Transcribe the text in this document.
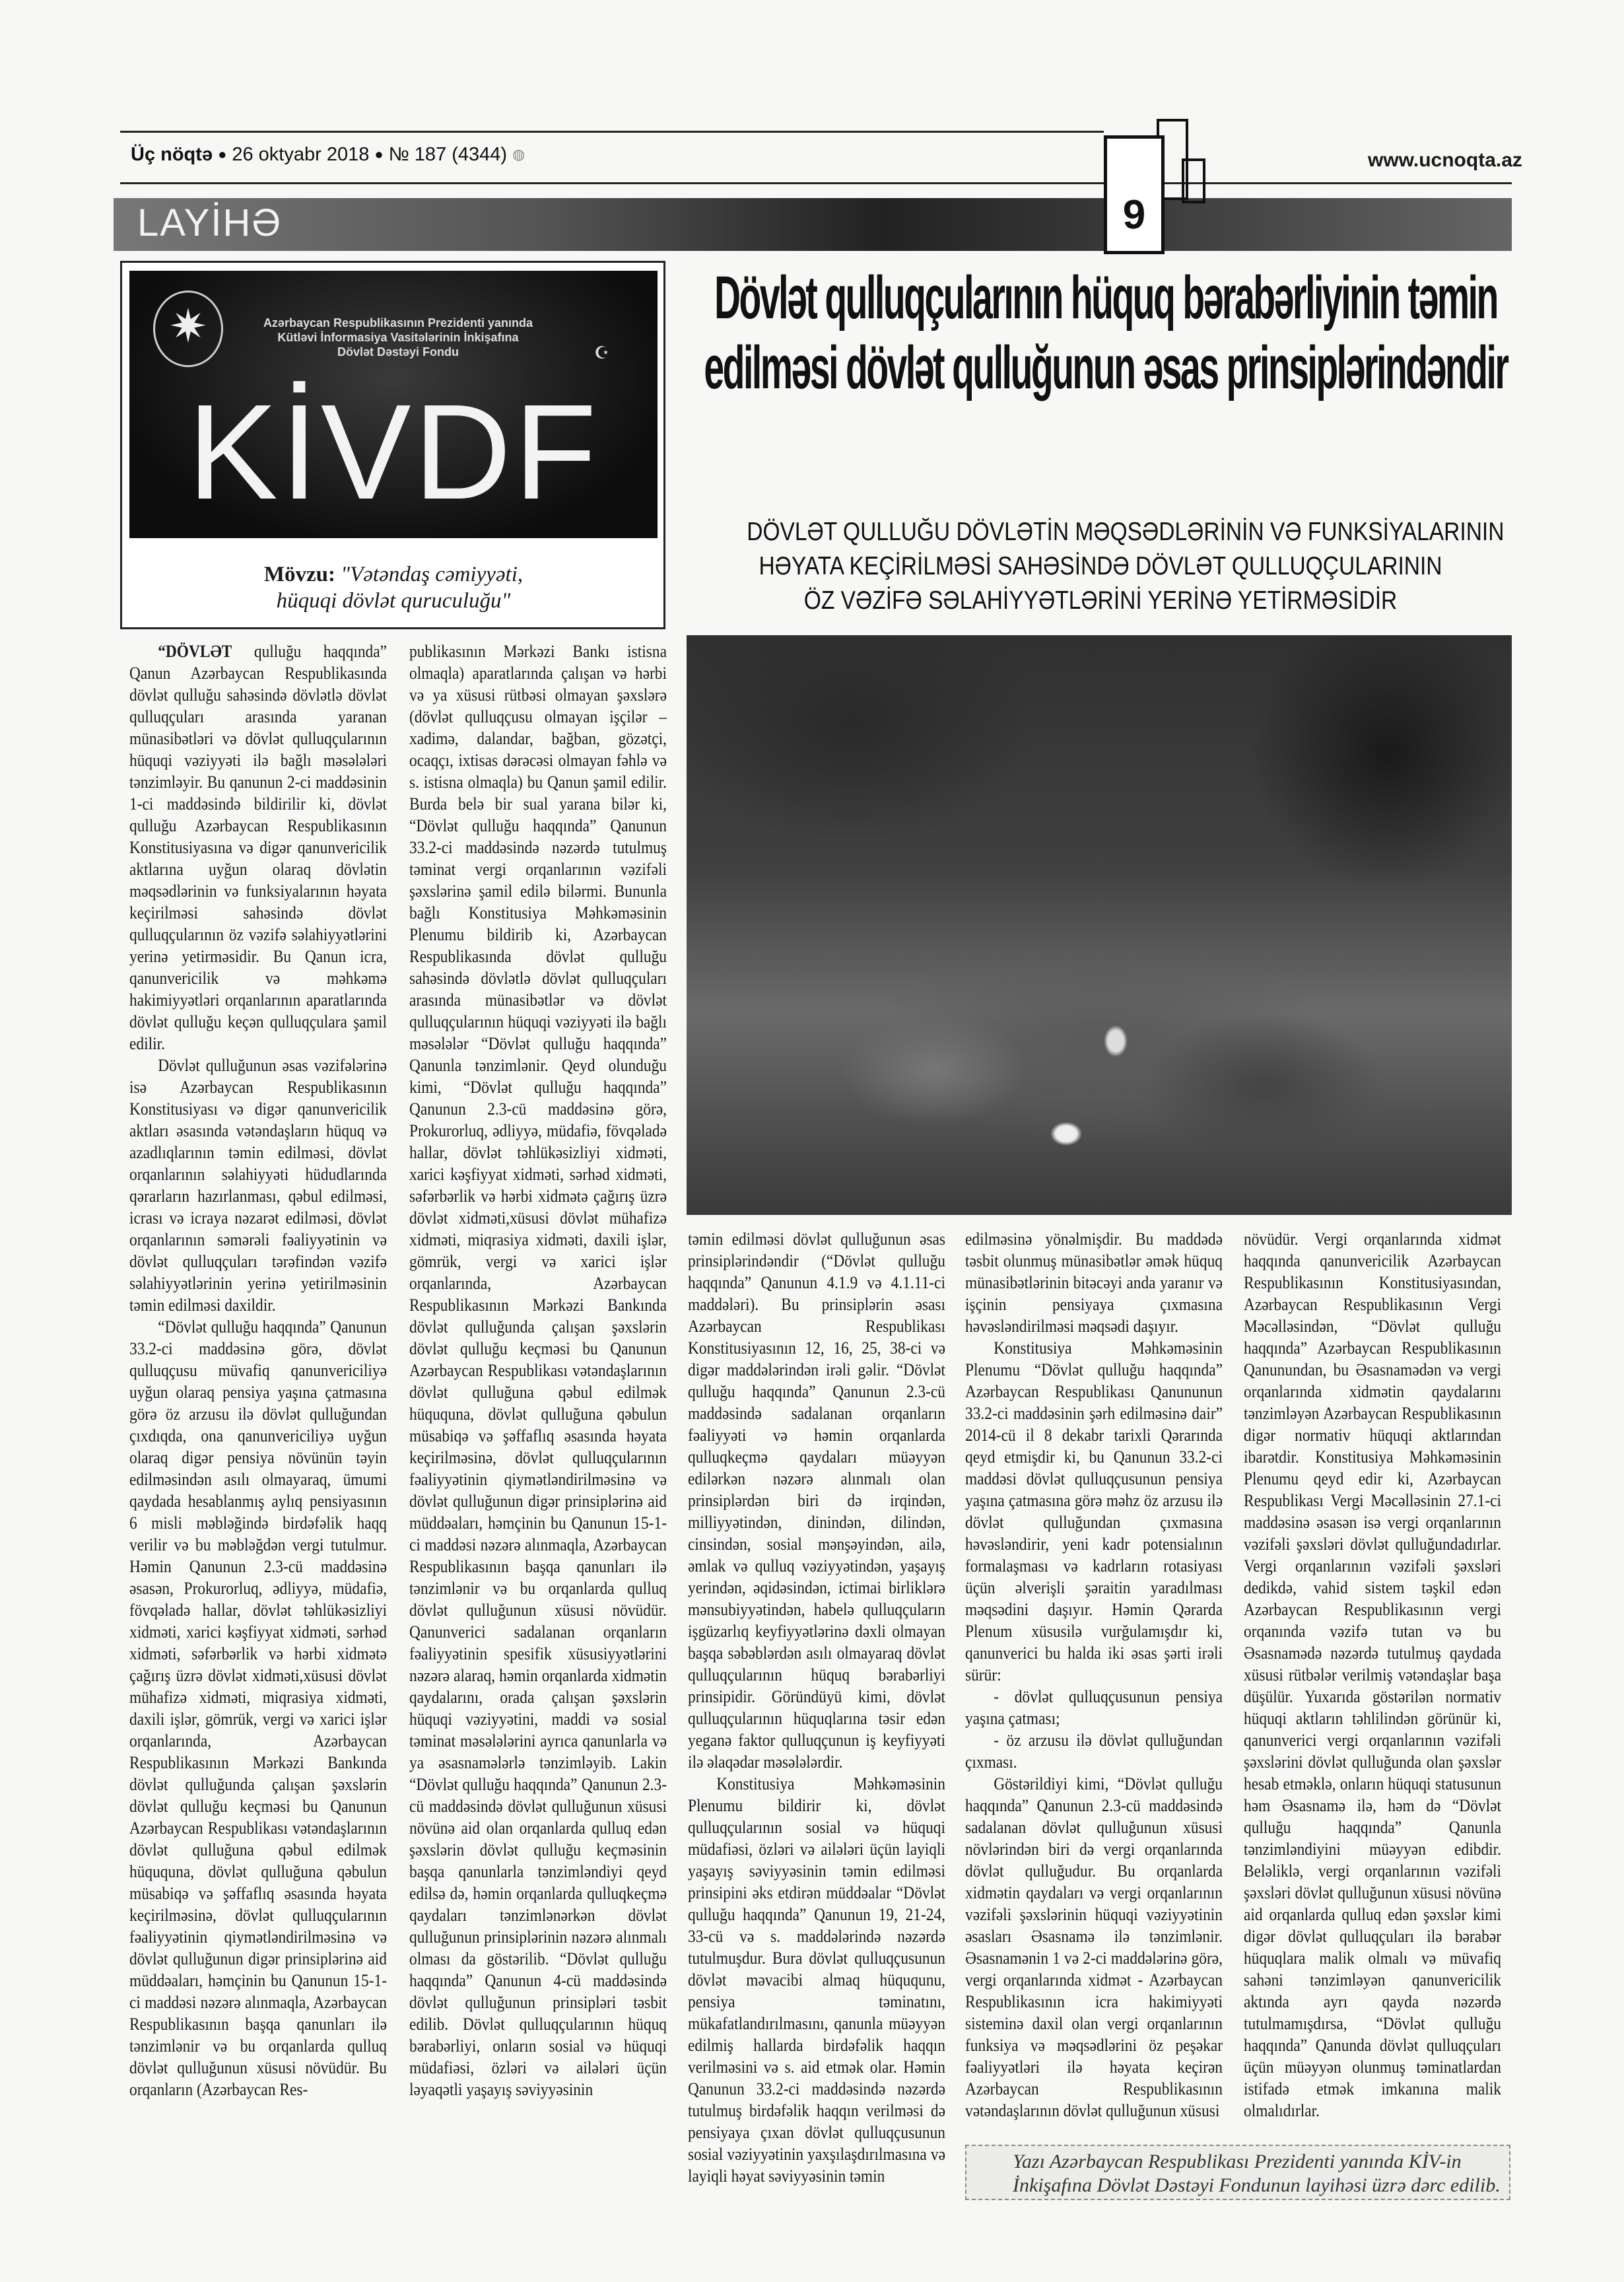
Üç nöqtə ● 26 oktyabr 2018 ● № 187 (4344) ◍	www.ucnoqta.az
LAYİHƏ	9
✷	Azərbaycan Respublikasının Prezidenti yanında
Kütləvi İnformasiya Vasitələrinin İnkişafına
Dövlət Dəstəyi Fondu	☪
KİVDF
Mövzu: "Vətəndaş cəmiyyəti,
hüquqi dövlət quruculuğu"
Dövlət qulluqçularının hüquq bərabərliyinin təmin edilməsi dövlət qulluğunun əsas prinsiplərindəndir
DÖVLƏT QULLUĞU DÖVLƏTİN MƏQSƏDLƏRİNİN VƏ FUNKSİYALARININ
HƏYATA KEÇİRİLMƏSİ SAHƏSİNDƏ DÖVLƏT QULLUQÇULARININ
ÖZ VƏZİFƏ SƏLAHİYYƏTLƏRİNİ YERİNƏ YETİRMƏSİDİR

“DÖVLƏT qulluğu haqqında” Qanun Azərbaycan Respublikasında dövlət qulluğu sahəsində dövlətlə dövlət qulluqçuları arasında yaranan münasibətləri və dövlət qulluqçularının hüquqi vəziyyəti ilə bağlı məsələləri tənzimləyir. Bu qanunun 2-ci maddəsinin 1-ci maddəsində bildirilir ki, dövlət qulluğu Azərbaycan Respublikasının Konstitusiyasına və digər qanunvericilik aktlarına uyğun olaraq dövlətin məqsədlərinin və funksiyalarının həyata keçirilməsi sahəsində dövlət qulluqçularının öz vəzifə səlahiyyətlərini yerinə yetirməsidir. Bu Qanun icra, qanunvericilik və məhkəmə hakimiyyətləri orqanlarının aparatlarında dövlət qulluğu keçən qulluqçulara şamil edilir.

Dövlət qulluğunun əsas vəzifələrinə isə Azərbaycan Respublikasının Konstitusiyası və digər qanunvericilik aktları əsasında vətəndaşların hüquq və azadlıqlarının təmin edilməsi, dövlət orqanlarının səlahiyyəti hüdudlarında qərarların hazırlanması, qəbul edilməsi, icrası və icraya nəzarət edilməsi, dövlət orqanlarının səmərəli fəaliyyətinin və dövlət qulluqçuları tərəfindən vəzifə səlahiyyətlərinin yerinə yetirilməsinin təmin edilməsi daxildir.

“Dövlət qulluğu haqqında” Qanunun 33.2-ci maddəsinə görə, dövlət qulluqçusu müvafiq qanunvericiliyə uyğun olaraq pensiya yaşına çatmasına görə öz arzusu ilə dövlət qulluğundan çıxdıqda, ona qanunvericiliyə uyğun olaraq digər pensiya növünün təyin edilməsindən asılı olmayaraq, ümumi qaydada hesablanmış aylıq pensiyasının 6 misli məbləğində birdəfəlik haqq verilir və bu məbləğdən vergi tutulmur. Həmin Qanunun 2.3-cü maddəsinə əsasən, Prokurorluq, ədliyyə, müdafiə, fövqəladə hallar, dövlət təhlükəsizliyi xidməti, xarici kəşfiyyat xidməti, sərhəd xidməti, səfərbərlik və hərbi xidmətə çağırış üzrə dövlət xidməti,xüsusi dövlət mühafizə xidməti, miqrasiya xidməti, daxili işlər, gömrük, vergi və xarici işlər orqanlarında, Azərbaycan Respublikasının Mərkəzi Bankında dövlət qulluğunda çalışan şəxslərin dövlət qulluğu keçməsi bu Qanunun Azərbaycan Respublikası vətəndaşlarının dövlət qulluğuna qəbul edilmək hüququna, dövlət qulluğuna qəbulun müsabiqə və şəffaflıq əsasında həyata keçirilməsinə, dövlət qulluqçularının fəaliyyətinin qiymətləndirilməsinə və dövlət qulluğunun digər prinsiplərinə aid müddəaları, həmçinin bu Qanunun 15-1-ci maddəsi nəzərə alınmaqla, Azərbaycan Respublikasının başqa qanunları ilə tənzimlənir və bu orqanlarda qulluq dövlət qulluğunun xüsusi növüdür. Bu orqanların (Azərbaycan Res-

publikasının Mərkəzi Bankı istisna olmaqla) aparatlarında çalışan və hərbi və ya xüsusi rütbəsi olmayan şəxslərə (dövlət qulluqçusu olmayan işçilər – xadimə, dalandar, bağban, gözətçi, ocaqçı, ixtisas dərəcəsi olmayan fəhlə və s. istisna olmaqla) bu Qanun şamil edilir. Burda belə bir sual yarana bilər ki, “Dövlət qulluğu haqqında” Qanunun 33.2-ci maddəsində nəzərdə tutulmuş təminat vergi orqanlarının vəzifəli şəxslərinə şamil edilə bilərmi. Bununla bağlı Konstitusiya Məhkəməsinin Plenumu bildirib ki, Azərbaycan Respublikasında dövlət qulluğu sahəsində dövlətlə dövlət qulluqçuları arasında münasibətlər və dövlət qulluqçularının hüquqi vəziyyəti ilə bağlı məsələlər “Dövlət qulluğu haqqında” Qanunla tənzimlənir. Qeyd olunduğu kimi, “Dövlət qulluğu haqqında” Qanunun 2.3-cü maddəsinə görə, Prokurorluq, ədliyyə, müdafiə, fövqəladə hallar, dövlət təhlükəsizliyi xidməti, xarici kəşfiyyat xidməti, sərhəd xidməti, səfərbərlik və hərbi xidmətə çağırış üzrə dövlət xidməti,xüsusi dövlət mühafizə xidməti, miqrasiya xidməti, daxili işlər, gömrük, vergi və xarici işlər orqanlarında, Azərbaycan Respublikasının Mərkəzi Bankında dövlət qulluğunda çalışan şəxslərin dövlət qulluğu keçməsi bu Qanunun Azərbaycan Respublikası vətəndaşlarının dövlət qulluğuna qəbul edilmək hüququna, dövlət qulluğuna qəbulun müsabiqə və şəffaflıq əsasında həyata keçirilməsinə, dövlət qulluqçularının fəaliyyətinin qiymətləndirilməsinə və dövlət qulluğunun digər prinsiplərinə aid müddəaları, həmçinin bu Qanunun 15-1-ci maddəsi nəzərə alınmaqla, Azərbaycan Respublikasının başqa qanunları ilə tənzimlənir və bu orqanlarda qulluq dövlət qulluğunun xüsusi növüdür. Qanunverici sadalanan orqanların fəaliyyətinin spesifik xüsusiyyətlərini nəzərə alaraq, həmin orqanlarda xidmətin qaydalarını, orada çalışan şəxslərin hüquqi vəziyyətini, maddi və sosial təminat məsələlərini ayrıca qanunlarla və ya əsasnamələrlə tənzimləyib. Lakin “Dövlət qulluğu haqqında” Qanunun 2.3-cü maddəsində dövlət qulluğunun xüsusi növünə aid olan orqanlarda qulluq edən şəxslərin dövlət qulluğu keçməsinin başqa qanunlarla tənzimləndiyi qeyd edilsə də, həmin orqanlarda qulluqkeçmə qaydaları tənzimlənərkən dövlət qulluğunun prinsiplərinin nəzərə alınmalı olması da göstərilib. “Dövlət qulluğu haqqında” Qanunun 4-cü maddəsində dövlət qulluğunun prinsipləri təsbit edilib. Dövlət qulluqçularının hüquq bərabərliyi, onların sosial və hüquqi müdafiəsi, özləri və ailələri üçün ləyaqətli yaşayış səviyyəsinin

təmin edilməsi dövlət qulluğunun əsas prinsiplərindəndir (“Dövlət qulluğu haqqında” Qanunun 4.1.9 və 4.1.11-ci maddələri). Bu prinsiplərin əsası Azərbaycan Respublikası Konstitusiyasının 12, 16, 25, 38-ci və digər maddələrindən irəli gəlir. “Dövlət qulluğu haqqında” Qanunun 2.3-cü maddəsində sadalanan orqanların fəaliyyəti və həmin orqanlarda qulluqkeçmə qaydaları müəyyən edilərkən nəzərə alınmalı olan prinsiplərdən biri də irqindən, milliyyətindən, dinindən, dilindən, cinsindən, sosial mənşəyindən, ailə, əmlak və qulluq vəziyyətindən, yaşayış yerindən, əqidəsindən, ictimai birliklərə mənsubiyyətindən, habelə qulluqçuların işgüzarlıq keyfiyyətlərinə dəxli olmayan başqa səbəblərdən asılı olmayaraq dövlət qulluqçularının hüquq bərabərliyi prinsipidir. Göründüyü kimi, dövlət qulluqçularının hüquqlarına təsir edən yeganə faktor qulluqçunun iş keyfiyyəti ilə əlaqədar məsələlərdir.

Konstitusiya Məhkəməsinin Plenumu bildirir ki, dövlət qulluqçularının sosial və hüquqi müdafiəsi, özləri və ailələri üçün layiqli yaşayış səviyyəsinin təmin edilməsi prinsipini əks etdirən müddəalar “Dövlət qulluğu haqqında” Qanunun 19, 21-24, 33-cü və s. maddələrində nəzərdə tutulmuşdur. Bura dövlət qulluqçusunun dövlət məvacibi almaq hüququnu, pensiya təminatını, mükafatlandırılmasını, qanunla müəyyən edilmiş hallarda birdəfəlik haqqın verilməsini və s. aid etmək olar. Həmin Qanunun 33.2-ci maddəsində nəzərdə tutulmuş birdəfəlik haqqın verilməsi də pensiyaya çıxan dövlət qulluqçusunun sosial vəziyyətinin yaxşılaşdırılmasına və layiqli həyat səviyyəsinin təmin

edilməsinə yönəlmişdir. Bu maddədə təsbit olunmuş münasibətlər əmək hüquq münasibətlərinin bitəcəyi anda yaranır və işçinin pensiyaya çıxmasına həvəsləndirilməsi məqsədi daşıyır.

Konstitusiya Məhkəməsinin Plenumu “Dövlət qulluğu haqqında” Azərbaycan Respublikası Qanununun 33.2-ci maddəsinin şərh edilməsinə dair” 2014-cü il 8 dekabr tarixli Qərarında qeyd etmişdir ki, bu Qanunun 33.2-ci maddəsi dövlət qulluqçusunun pensiya yaşına çatmasına görə məhz öz arzusu ilə dövlət qulluğundan çıxmasına həvəsləndirir, yeni kadr potensialının formalaşması və kadrların rotasiyası üçün əlverişli şəraitin yaradılması məqsədini daşıyır. Həmin Qərarda Plenum xüsusilə vurğulamışdır ki, qanunverici bu halda iki əsas şərti irəli sürür:

- dövlət qulluqçusunun pensiya yaşına çatması;

- öz arzusu ilə dövlət qulluğundan çıxması.

Göstərildiyi kimi, “Dövlət qulluğu haqqında” Qanunun 2.3-cü maddəsində sadalanan dövlət qulluğunun xüsusi növlərindən biri də vergi orqanlarında dövlət qulluğudur. Bu orqanlarda xidmətin qaydaları və vergi orqanlarının vəzifəli şəxslərinin hüquqi vəziyyətinin əsasları Əsasnamə ilə tənzimlənir. Əsasnamənin 1 və 2-ci maddələrinə görə, vergi orqanlarında xidmət - Azərbaycan Respublikasının icra hakimiyyəti sisteminə daxil olan vergi orqanlarının funksiya və məqsədlərini öz peşəkar fəaliyyətləri ilə həyata keçirən Azərbaycan Respublikasının vətəndaşlarının dövlət qulluğunun xüsusi

növüdür. Vergi orqanlarında xidmət haqqında qanunvericilik Azərbaycan Respublikasının Konstitusiyasından, Azərbaycan Respublikasının Vergi Məcəlləsindən, “Dövlət qulluğu haqqında” Azərbaycan Respublikasının Qanunundan, bu Əsasnamədən və vergi orqanlarında xidmətin qaydalarını tənzimləyən Azərbaycan Respublikasının digər normativ hüquqi aktlarından ibarətdir. Konstitusiya Məhkəməsinin Plenumu qeyd edir ki, Azərbaycan Respublikası Vergi Məcəlləsinin 27.1-ci maddəsinə əsasən isə vergi orqanlarının vəzifəli şəxsləri dövlət qulluğundadırlar. Vergi orqanlarının vəzifəli şəxsləri dedikdə, vahid sistem təşkil edən Azərbaycan Respublikasının vergi orqanında vəzifə tutan və bu Əsasnamədə nəzərdə tutulmuş qaydada xüsusi rütbələr verilmiş vətəndaşlar başa düşülür. Yuxarıda göstərilən normativ hüquqi aktların təhlilindən görünür ki, qanunverici vergi orqanlarının vəzifəli şəxslərini dövlət qulluğunda olan şəxslər hesab etməklə, onların hüquqi statusunun həm Əsasnamə ilə, həm də “Dövlət qulluğu haqqında” Qanunla tənzimləndiyini müəyyən edibdir. Beləliklə, vergi orqanlarının vəzifəli şəxsləri dövlət qulluğunun xüsusi növünə aid orqanlarda qulluq edən şəxslər kimi digər dövlət qulluqçuları ilə bərabər hüquqlara malik olmalı və müvafiq sahəni tənzimləyən qanunvericilik aktında ayrı qayda nəzərdə tutulmamışdırsa, “Dövlət qulluğu haqqında” Qanunda dövlət qulluqçuları üçün müəyyən olunmuş təminatlardan istifadə etmək imkanına malik olmalıdırlar.

Yazı Azərbaycan Respublikası Prezidenti yanında KİV-in
İnkişafına Dövlət Dəstəyi Fondunun layihəsi üzrə dərc edilib.
